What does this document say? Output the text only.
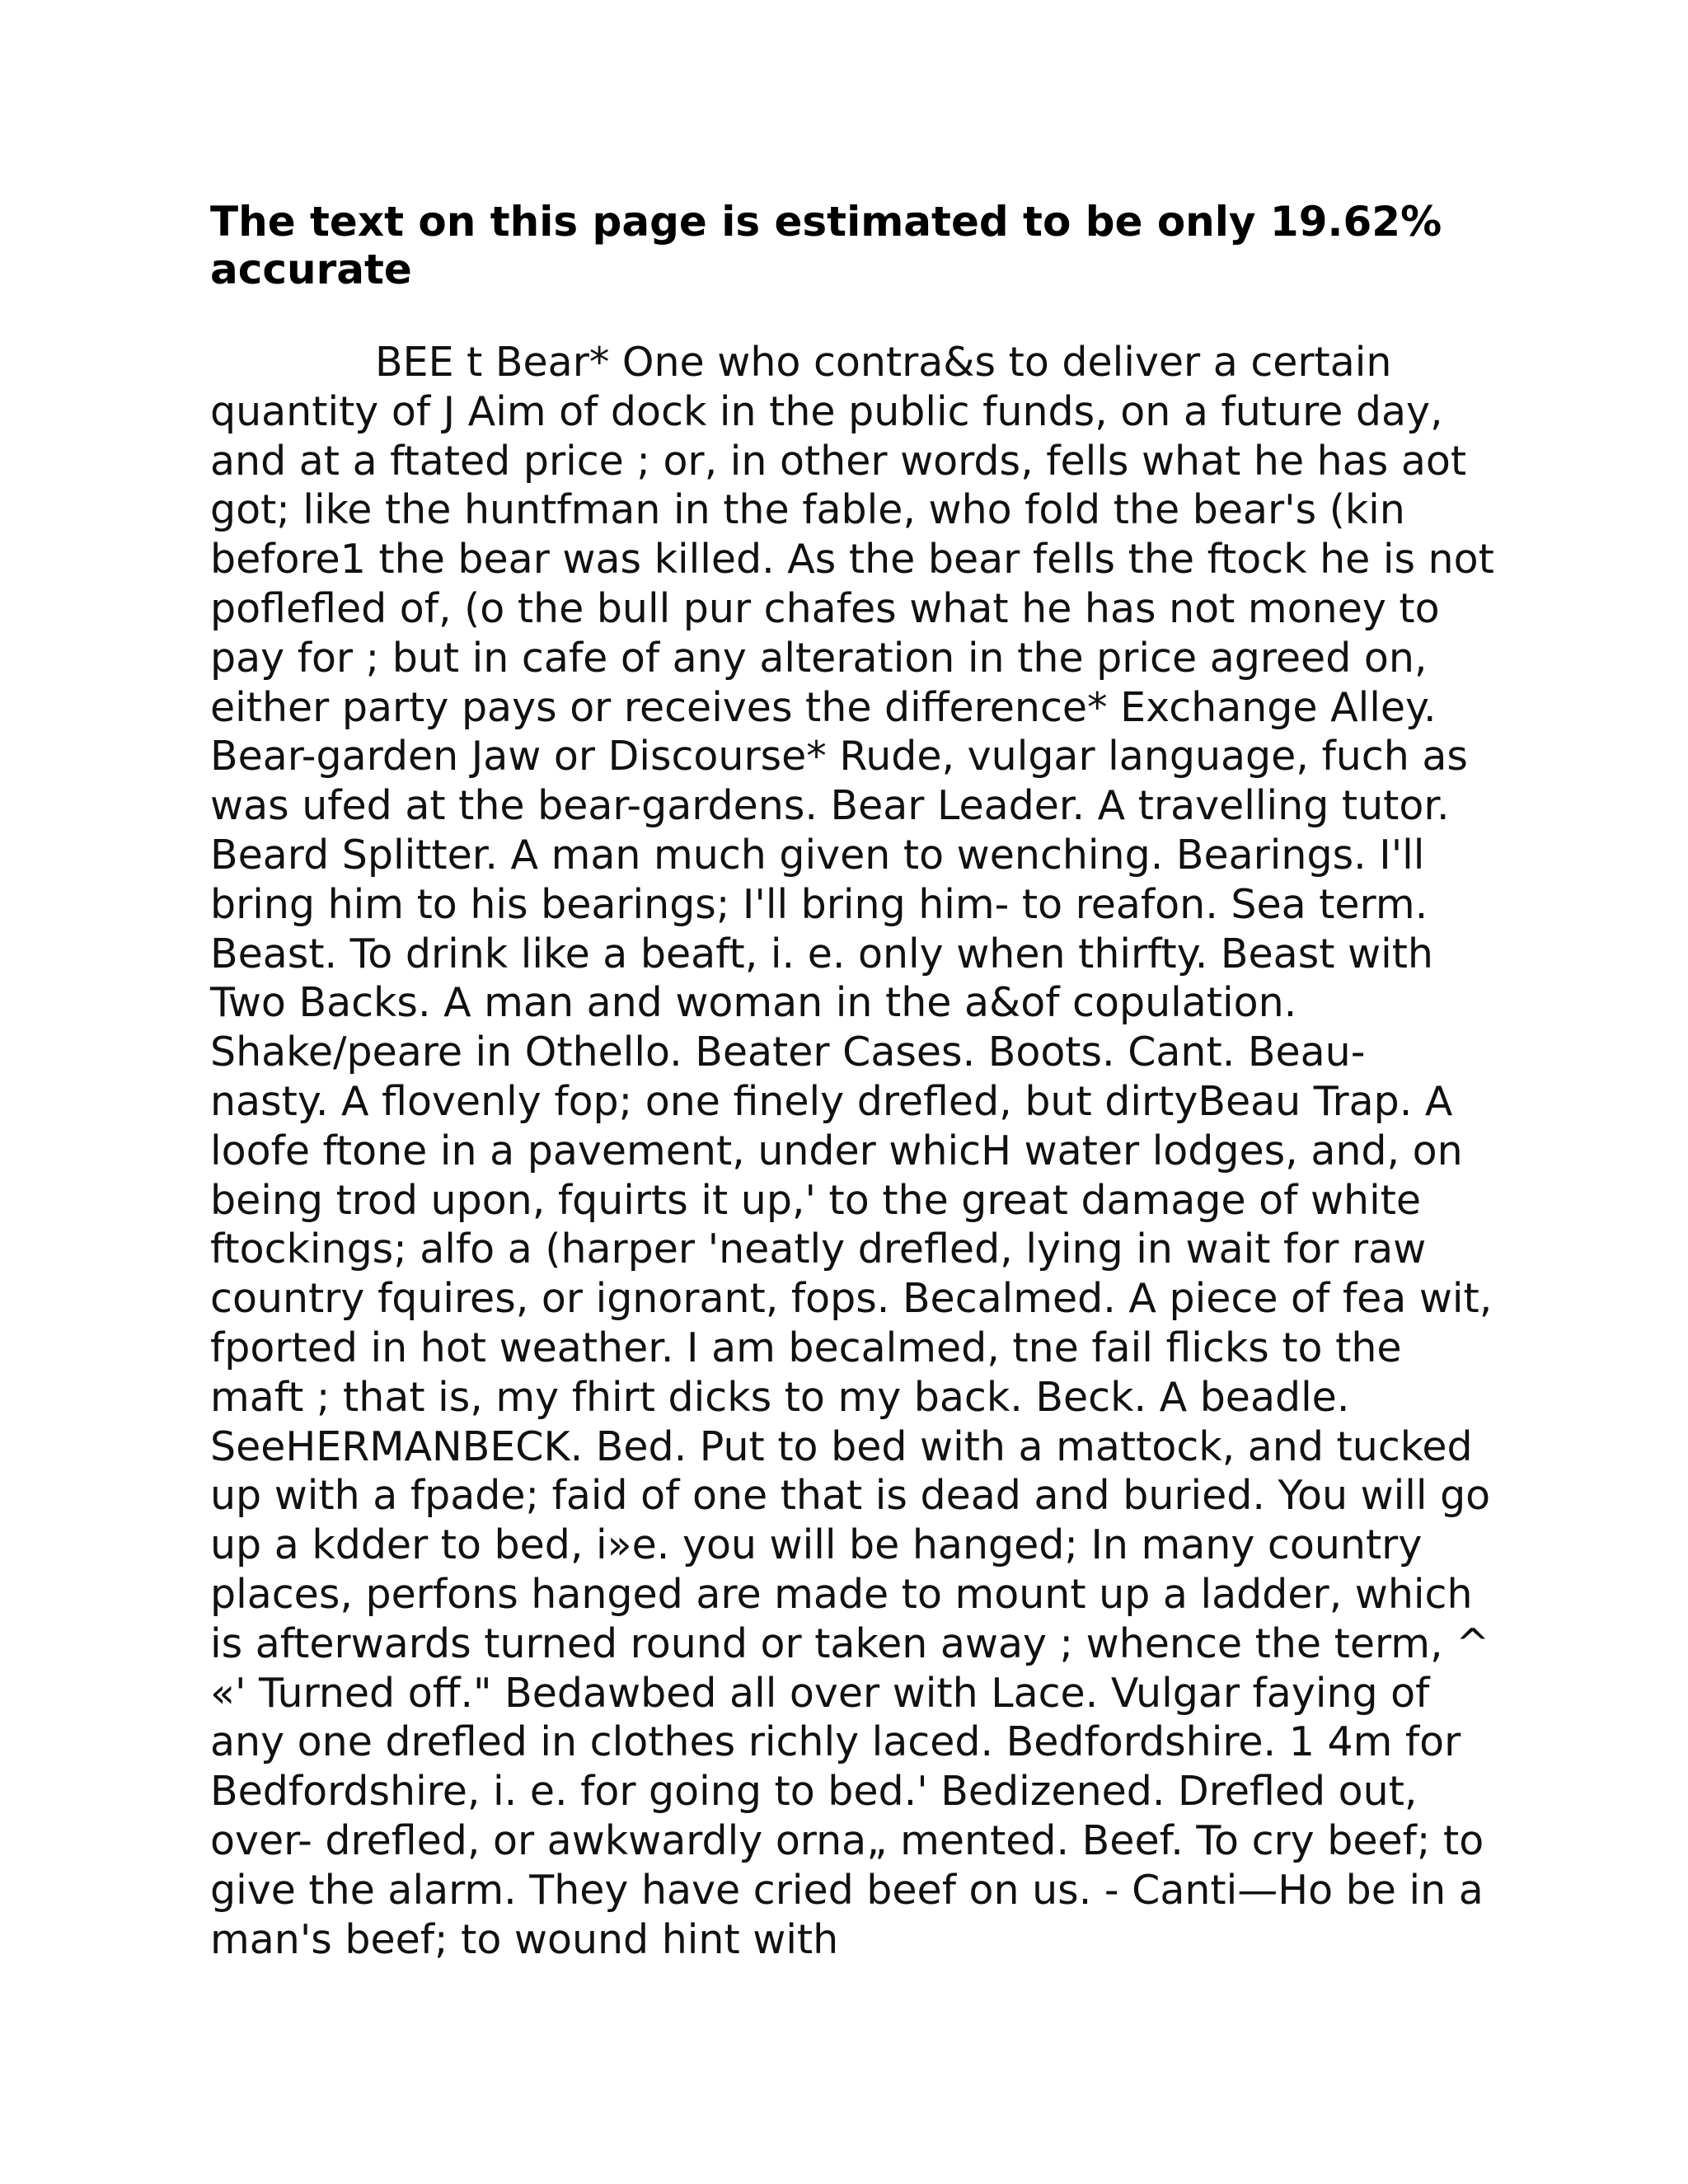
The text on this page is estimated to be only 19.62% accurate

BEE t Bear* One who contra&s to deliver a certain quantity of J Aim of dock in the public funds, on a future day, and at a ftated price ; or, in other words, fells what he has aot got; like the huntfman in the fable, who fold the bear's (kin before1 the bear was killed. As the bear fells the ftock he is not poflefled of, (o the bull pur chafes what he has not money to pay for ; but in cafe of any alteration in the price agreed on, either party pays or receives the difference* Exchange Alley. Bear-garden Jaw or Discourse* Rude, vulgar language, fuch as was ufed at the bear-gardens. Bear Leader. A travelling tutor. Beard Splitter. A man much given to wenching. Bearings. I'll bring him to his bearings; I'll bring him- to reafon. Sea term. Beast. To drink like a beaft, i. e. only when thirfty. Beast with Two Backs. A man and woman in the a&of copulation. Shake/peare in Othello. Beater Cases. Boots. Cant. Beau- nasty. A flovenly fop; one finely drefled, but dirtyBeau Trap. A loofe ftone in a pavement, under whicH water lodges, and, on being trod upon, fquirts it up,' to the great damage of white ftockings; alfo a (harper 'neatly drefled, lying in wait for raw country fquires, or ignorant, fops. Becalmed. A piece of fea wit, fported in hot weather. I am becalmed, tne fail flicks to the maft ; that is, my fhirt dicks to my back. Beck. A beadle. SeeHERMANBECK. Bed. Put to bed with a mattock, and tucked up with a fpade; faid of one that is dead and buried. You will go up a kdder to bed, i»e. you will be hanged; In many country places, perfons hanged are made to mount up a ladder, which is afterwards turned round or taken away ; whence the term, ^ «' Turned off." Bedawbed all over with Lace. Vulgar faying of any one drefled in clothes richly laced. Bedfordshire. 1 4m for Bedfordshire, i. e. for going to bed.' Bedizened. Drefled out, over- drefled, or awkwardly orna„ mented. Beef. To cry beef; to give the alarm. They have cried beef on us. - Canti—Ho be in a man's beef; to wound hint with
